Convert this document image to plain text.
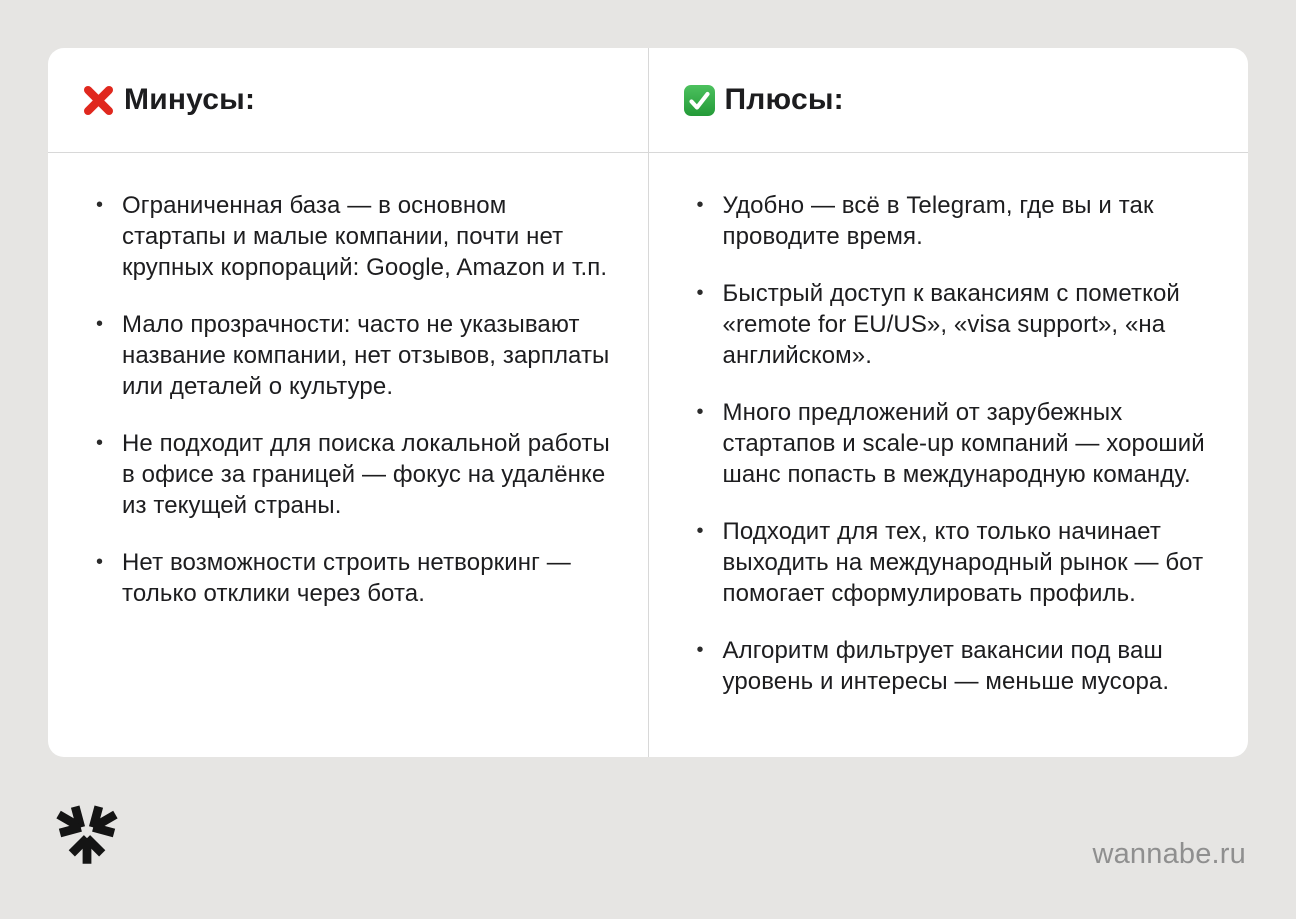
Минусы:
• Ограниченная база — в основном стартапы и малые компании, почти нет крупных корпораций: Google, Amazon и т.п.
• Мало прозрачности: часто не указывают название компании, нет отзывов, зарплаты или деталей о культуре.
• Не подходит для поиска локальной работы в офисе за границей — фокус на удалёнке из текущей страны.
• Нет возможности строить нетворкинг — только отклики через бота.
Плюсы:
• Удобно — всё в Telegram, где вы и так проводите время.
• Быстрый доступ к вакансиям с пометкой «remote for EU/US», «visa support», «на английском».
• Много предложений от зарубежных стартапов и scale-up компаний — хороший шанс попасть в международную команду.
• Подходит для тех, кто только начинает выходить на международный рынок — бот помогает сформулировать профиль.
• Алгоритм фильтрует вакансии под ваш уровень и интересы — меньше мусора.
wannabe.ru
